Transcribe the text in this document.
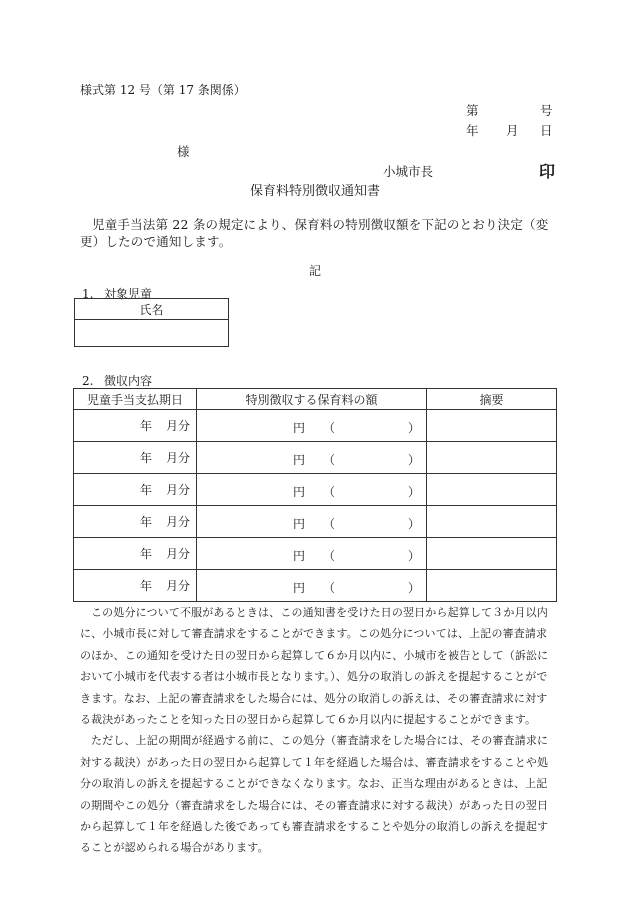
様式第 12 号（第 17 条関係）
第	号
年 月 日
様
小城市長	印
保育料特別徴収通知書
児童手当法第 22 条の規定により、保育料の特別徴収額を下記のとおり決定（変更）したので通知します。
記
1. 対象児童
氏名

2. 徴収内容
児童手当支払期日	特別徴収する保育料の額	摘要
年 月分	円 （ ）	

年 月分	円 （ ）	

年 月分	円 （ ）	

年 月分	円 （ ）	

年 月分	円 （ ）	

年 月分	円 （ ）	

この処分について不服があるときは、この通知書を受けた日の翌日から起算して３か月以内に、小城市長に対して審査請求をすることができます。この処分については、上記の審査請求のほか、この通知を受けた日の翌日から起算して６か月以内に、小城市を被告として（訴訟において小城市を代表する者は小城市長となります。）、処分の取消しの訴えを提起することができます。なお、上記の審査請求をした場合には、処分の取消しの訴えは、その審査請求に対する裁決があったことを知った日の翌日から起算して６か月以内に提起することができます。

ただし、上記の期間が経過する前に、この処分（審査請求をした場合には、その審査請求に対する裁決）があった日の翌日から起算して１年を経過した場合は、審査請求をすることや処分の取消しの訴えを提起することができなくなります。なお、正当な理由があるときは、上記の期間やこの処分（審査請求をした場合には、その審査請求に対する裁決）があった日の翌日から起算して１年を経過した後であっても審査請求をすることや処分の取消しの訴えを提起することが認められる場合があります。
